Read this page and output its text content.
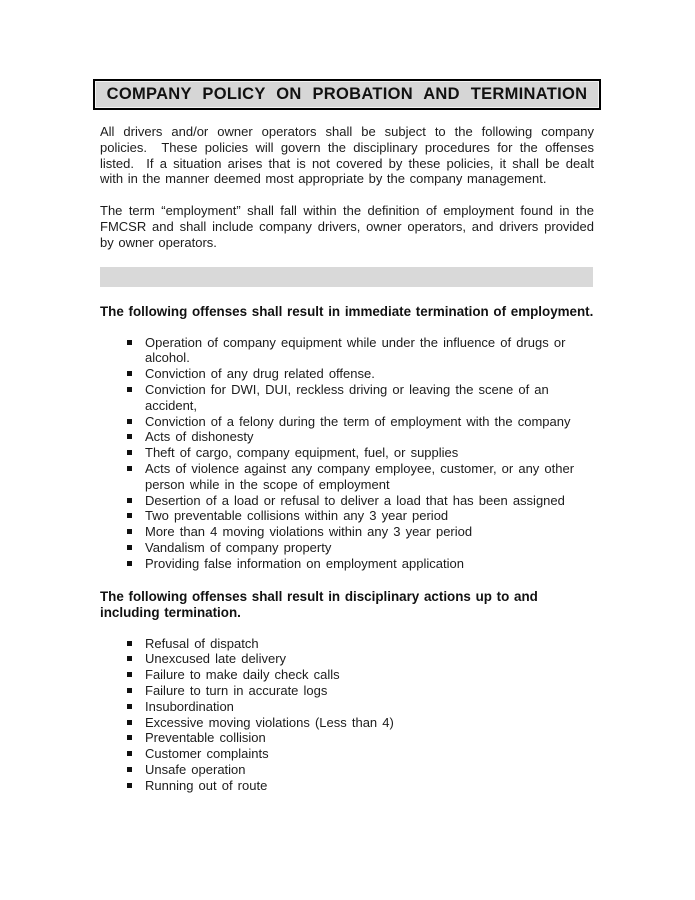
COMPANY POLICY ON PROBATION AND TERMINATION

All drivers and/or owner operators shall be subject to the following company policies.  These policies will govern the disciplinary procedures for the offenses listed.  If a situation arises that is not covered by these policies, it shall be dealt with in the manner deemed most appropriate by the company management.

The term “employment” shall fall within the definition of employment found in the FMCSR and shall include company drivers, owner operators, and drivers provided by owner operators.

The following offenses shall result in immediate termination of employment.
Operation of company equipment while under the influence of drugs or alcohol.
Conviction of any drug related offense.
Conviction for DWI, DUI, reckless driving or leaving the scene of an accident,
Conviction of a felony during the term of employment with the company
Acts of dishonesty
Theft of cargo, company equipment, fuel, or supplies
Acts of violence against any company employee, customer, or any other person while in the scope of employment
Desertion of a load or refusal to deliver a load that has been assigned
Two preventable collisions within any 3 year period
More than 4 moving violations within any 3 year period
Vandalism of company property
Providing false information on employment application
The following offenses shall result in disciplinary actions up to and including termination.
Refusal of dispatch
Unexcused late delivery
Failure to make daily check calls
Failure to turn in accurate logs
Insubordination
Excessive moving violations (Less than 4)
Preventable collision
Customer complaints
Unsafe operation
Running out of route
